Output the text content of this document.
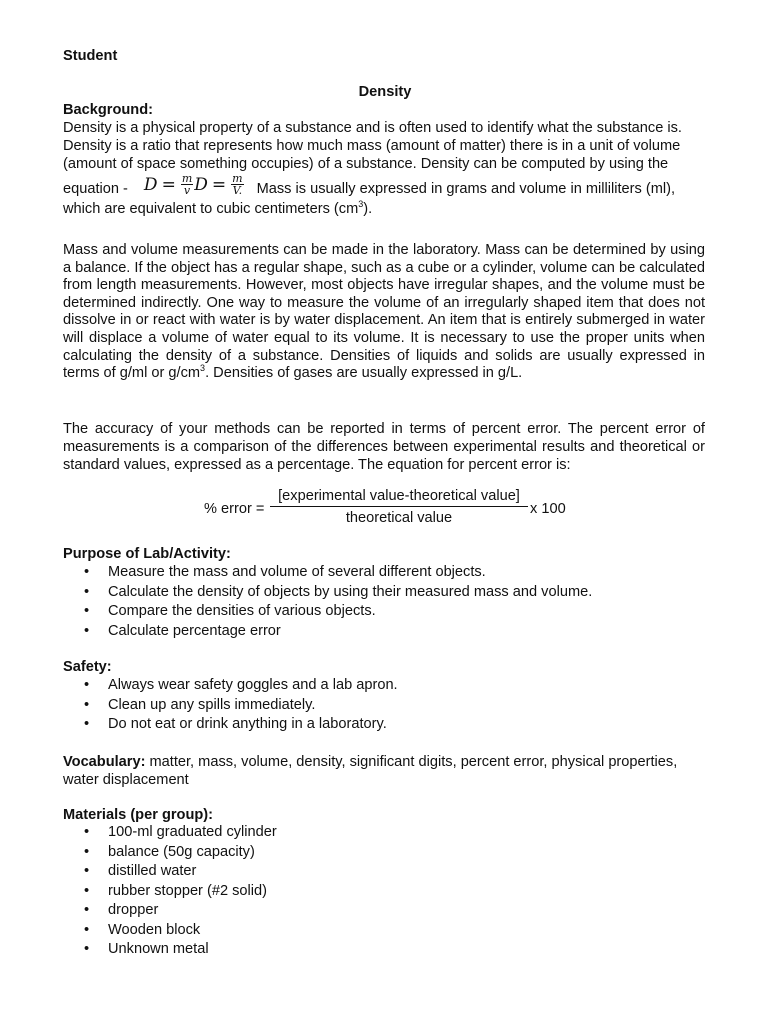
Student
Density
Background:
Density is a physical property of a substance and is often used to identify what the substance is.
Density is a ratio that represents how much mass (amount of matter) there is in a unit of volume
(amount of space something occupies) of a substance. Density can be computed by using the
equation - $D = \frac{m}{v}$ $D = \frac{m}{V.}$ Mass is usually expressed in grams and volume in milliliters (ml),
which are equivalent to cubic centimeters $(cm^3)$.
Mass and volume measurements can be made in the laboratory. Mass can be determined by using a balance. If the object has a regular shape, such as a cube or a cylinder, volume can be calculated from length measurements. However, most objects have irregular shapes, and the volume must be determined indirectly. One way to measure the volume of an irregularly shaped item that does not dissolve in or react with water is by water displacement. An item that is entirely submerged in water will displace a volume of water equal to its volume. It is necessary to use the proper units when calculating the density of a substance. Densities of liquids and solids are usually expressed in terms of g/ml or $g/cm^3$. Densities of gases are usually expressed in g/L.
The accuracy of your methods can be reported in terms of percent error. The percent error of measurements is a comparison of the differences between experimental results and theoretical or standard values, expressed as a percentage. The equation for percent error is:
% error =
[experimental value-theoretical value]
theoretical value
x 100
Purpose of Lab/Activity:
• Measure the mass and volume of several different objects.
• Calculate the density of objects by using their measured mass and volume.
• Compare the densities of various objects.
• Calculate percentage error
Safety:
• Always wear safety goggles and a lab apron.
• Clean up any spills immediately.
• Do not eat or drink anything in a laboratory.
Vocabulary: matter, mass, volume, density, significant digits, percent error, physical properties, water displacement
Materials (per group):
• 100-ml graduated cylinder
• balance (50g capacity)
• distilled water
• rubber stopper (#2 solid)
• dropper
• Wooden block
• Unknown metal
